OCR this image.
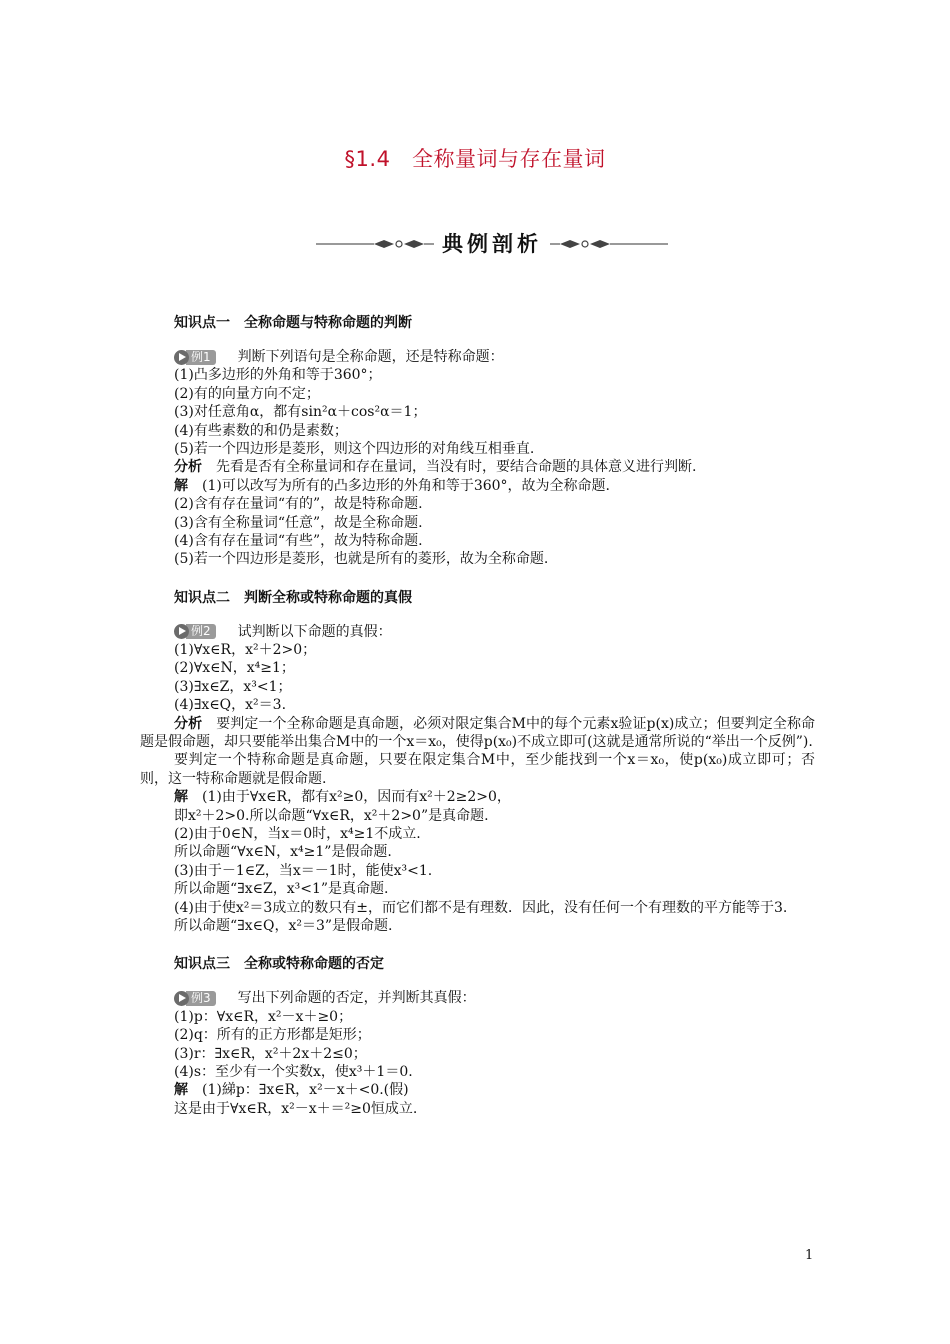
§1.4　全称量词与存在量词
典例剖析
知识点一　全称命题与特称命题的判断
例1 判断下列语句是全称命题，还是特称命题：
(1)凸多边形的外角和等于360°；
(2)有的向量方向不定；
(3)对任意角α，都有sin²α＋cos²α＝1；
(4)有些素数的和仍是素数；
(5)若一个四边形是菱形，则这个四边形的对角线互相垂直.
分析　 先看是否有全称量词和存在量词，当没有时，要结合命题的具体意义进行判断.
解　 (1)可以改写为所有的凸多边形的外角和等于360°，故为全称命题.
(2)含有存在量词“有的”，故是特称命题.
(3)含有全称量词“任意”，故是全称命题.
(4)含有存在量词“有些”，故为特称命题.
(5)若一个四边形是菱形，也就是所有的菱形，故为全称命题.
知识点二　判断全称或特称命题的真假
例2 试判断以下命题的真假：
(1)∀x∈R，x²＋2>0；
(2)∀x∈N，x⁴≥1；
(3)∃x∈Z，x³<1；
(4)∃x∈Q，x²＝3.
分析　 要判定一个全称命题是真命题，必须对限定集合M中的每个元素x验证p(x)成立；但要判定全称命题是假命题，却只要能举出集合M中的一个x＝x₀，使得p(x₀)不成立即可(这就是通常所说的“举出一个反例”).
要判定一个特称命题是真命题，只要在限定集合M中，至少能找到一个x＝x₀，使p(x₀)成立即可；否则，这一特称命题就是假命题.
解　 (1)由于∀x∈R，都有x²≥0，因而有x²＋2≥2>0，
即x²＋2>0.所以命题“∀x∈R，x²＋2>0”是真命题.
(2)由于0∈N，当x＝0时，x⁴≥1不成立.
所以命题“∀x∈N，x⁴≥1”是假命题.
(3)由于－1∈Z，当x＝－1时，能使x³<1.
所以命题“∃x∈Z，x³<1”是真命题.
(4)由于使x²＝3成立的数只有±，而它们都不是有理数．因此，没有任何一个有理数的平方能等于3.
所以命题“∃x∈Q，x²＝3”是假命题.
知识点三　全称或特称命题的否定
例3 写出下列命题的否定，并判断其真假：
(1)p：∀x∈R，x²－x＋≥0；
(2)q：所有的正方形都是矩形；
(3)r：∃x∈R，x²＋2x＋2≤0；
(4)s：至少有一个实数x，使x³＋1＝0.
解　 (1)綈p：∃x∈R，x²－x＋<0.(假)
这是由于∀x∈R，x²－x＋＝²≥0恒成立.
1
